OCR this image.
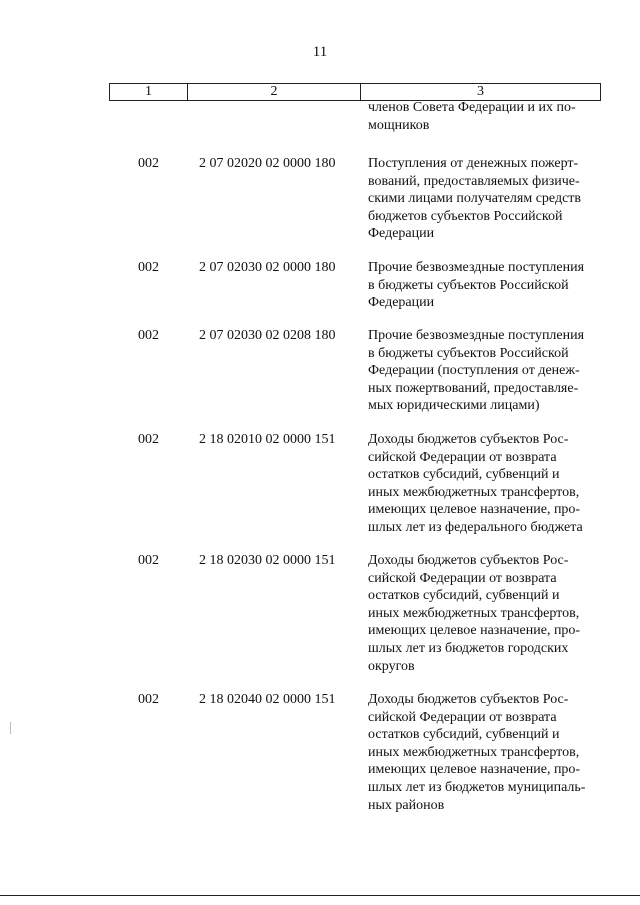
11
1	2	3
членов Совета Федерации и их по-
мощников
002	2 07 02020 02 0000 180 Поступления от денежных пожерт-
вований, предоставляемых физиче-
скими лицами получателям средств
бюджетов субъектов Российской
Федерации
002	2 07 02030 02 0000 180 Прочие безвозмездные поступления
в бюджеты субъектов Российской
Федерации
002	2 07 02030 02 0208 180 Прочие безвозмездные поступления
в бюджеты субъектов Российской
Федерации (поступления от денеж-
ных пожертвований, предоставляе-
мых юридическими лицами)
002	2 18 02010 02 0000 151 Доходы бюджетов субъектов Рос-
сийской Федерации от возврата
остатков субсидий, субвенций и
иных межбюджетных трансфертов,
имеющих целевое назначение, про-
шлых лет из федерального бюджета
002	2 18 02030 02 0000 151 Доходы бюджетов субъектов Рос-
сийской Федерации от возврата
остатков субсидий, субвенций и
иных межбюджетных трансфертов,
имеющих целевое назначение, про-
шлых лет из бюджетов городских
округов
002	2 18 02040 02 0000 151 Доходы бюджетов субъектов Рос-
сийской Федерации от возврата
остатков субсидий, субвенций и
иных межбюджетных трансфертов,
имеющих целевое назначение, про-
шлых лет из бюджетов муниципаль-
ных районов
